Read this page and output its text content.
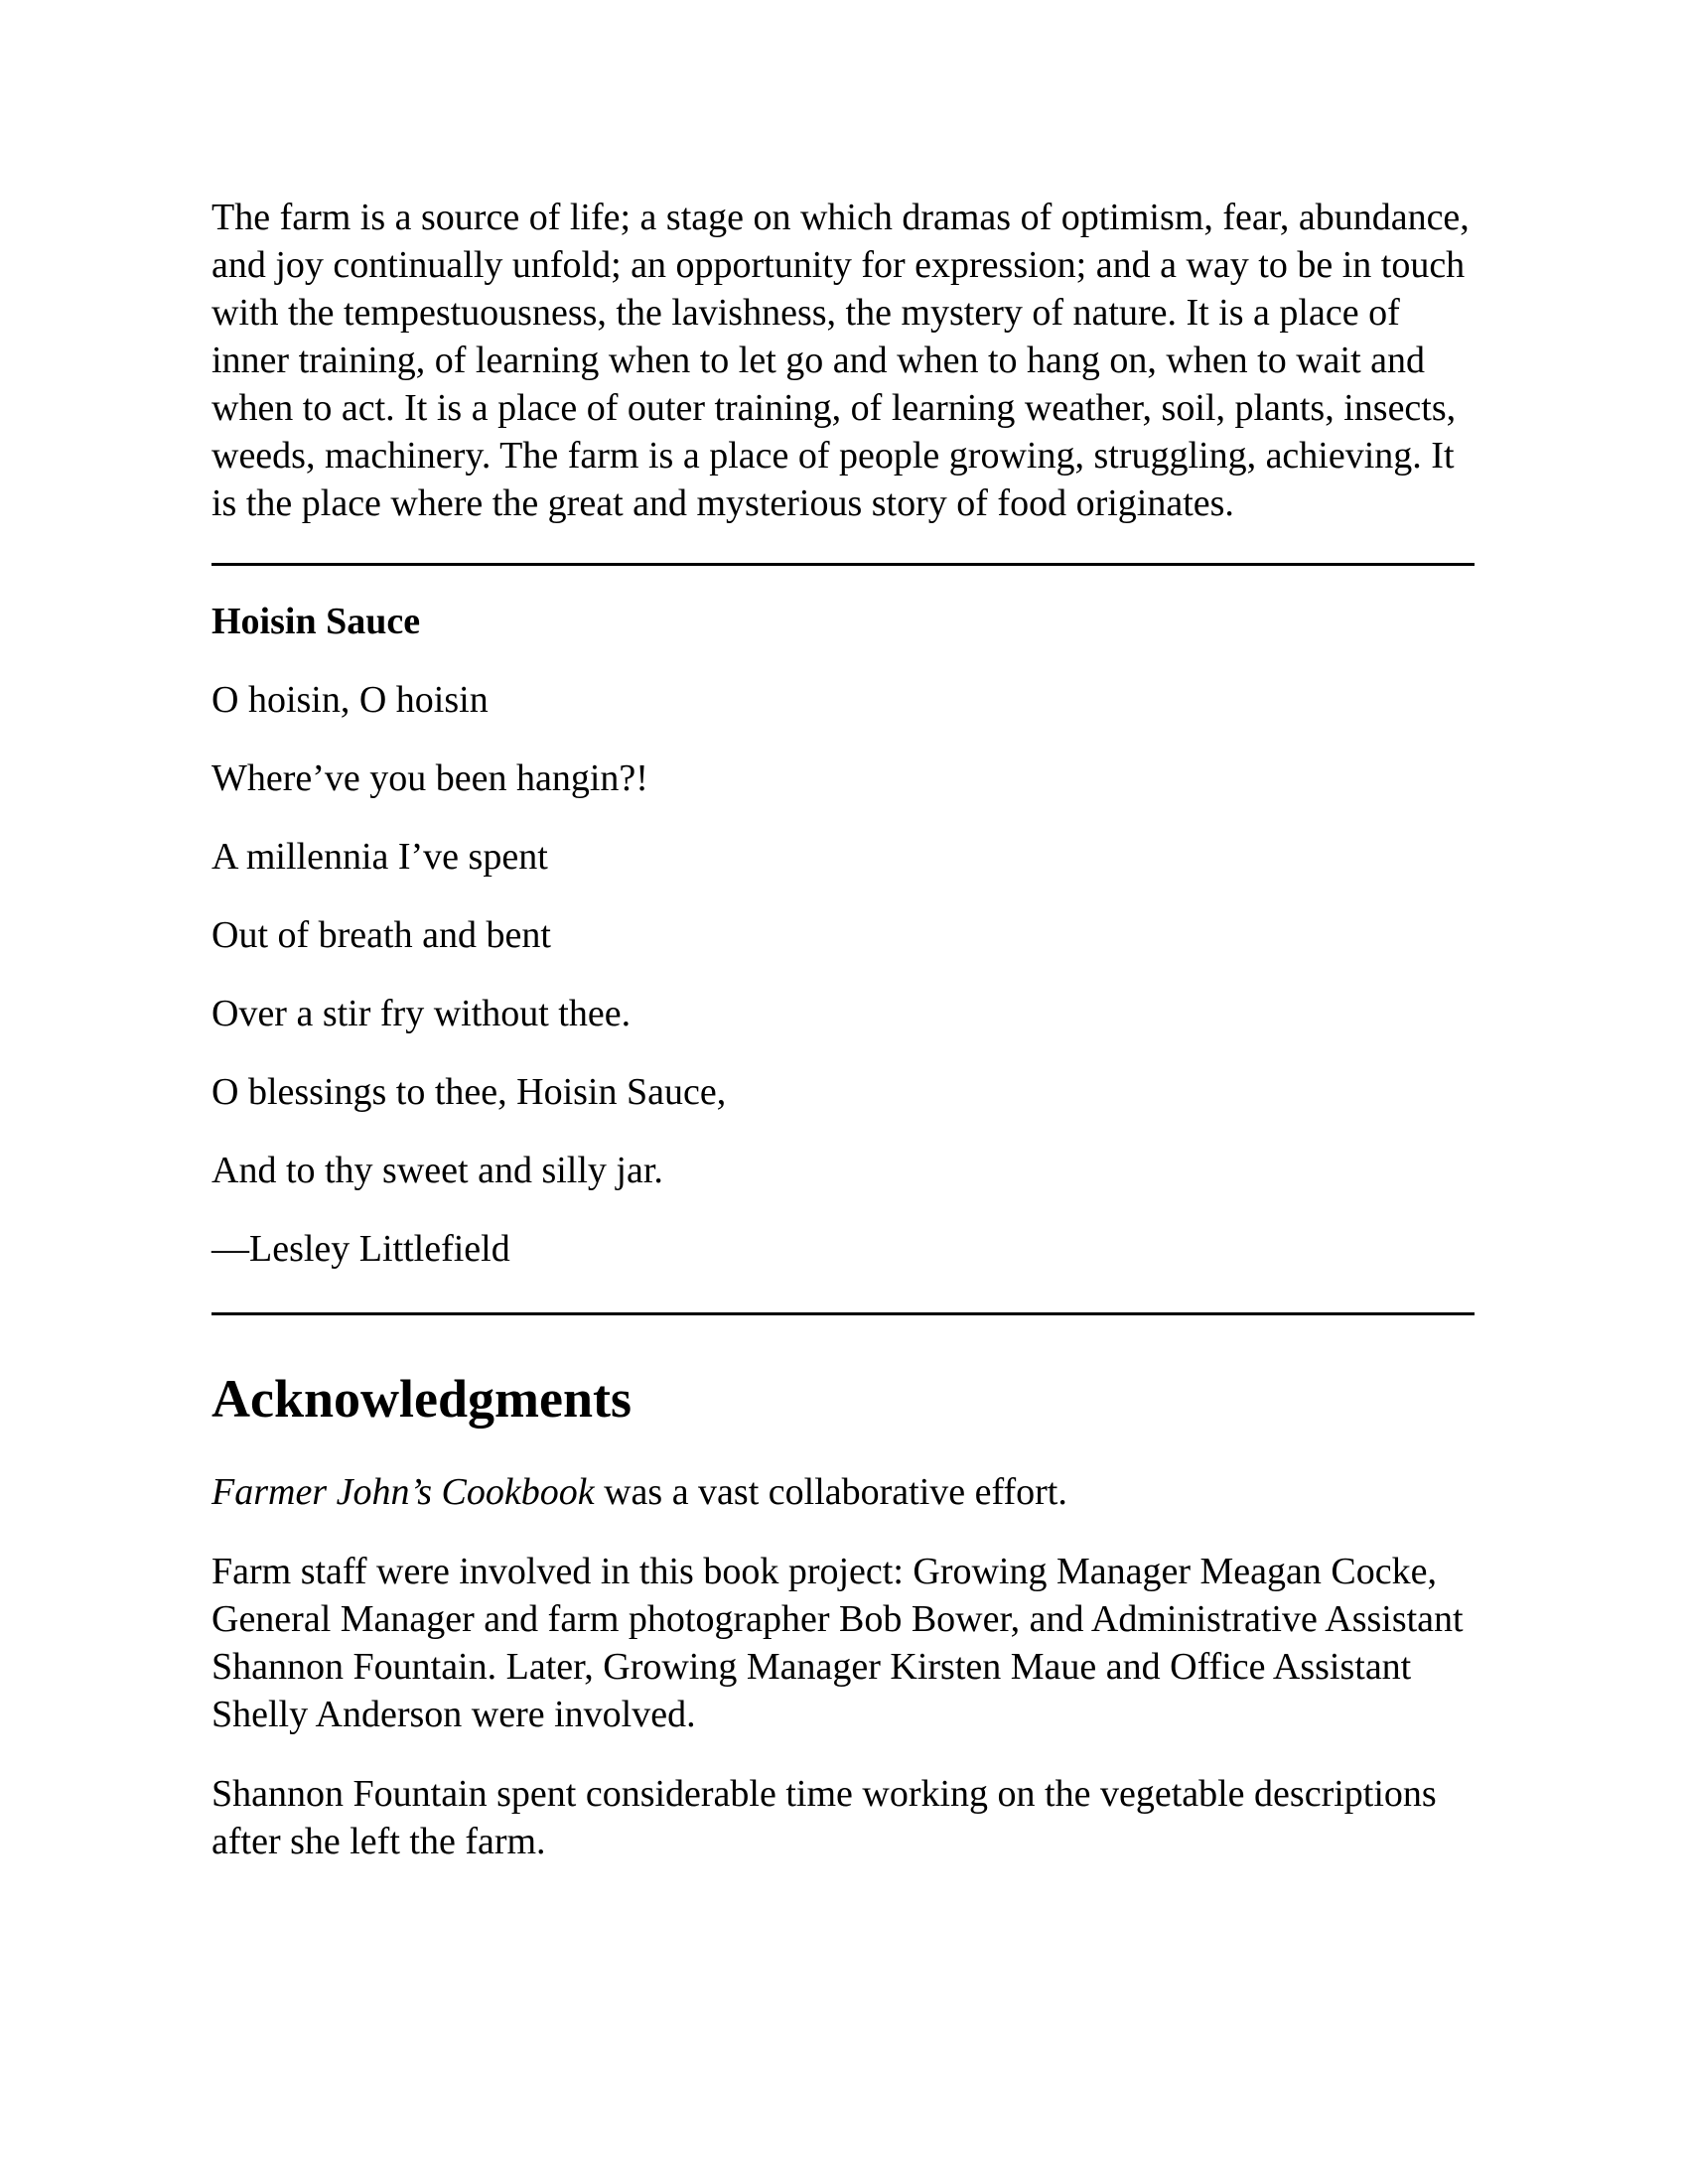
The farm is a source of life; a stage on which dramas of optimism, fear, abundance, and joy continually unfold; an opportunity for expression; and a way to be in touch with the tempestuousness, the lavishness, the mystery of nature. It is a place of inner training, of learning when to let go and when to hang on, when to wait and when to act. It is a place of outer training, of learning weather, soil, plants, insects, weeds, machinery. The farm is a place of people growing, struggling, achieving. It is the place where the great and mysterious story of food originates.

Hoisin Sauce

O hoisin, O hoisin

Where’ve you been hangin?!

A millennia I’ve spent

Out of breath and bent

Over a stir fry without thee.

O blessings to thee, Hoisin Sauce,

And to thy sweet and silly jar.

—Lesley Littlefield

Acknowledgments

Farmer John’s Cookbook was a vast collaborative effort.

Farm staff were involved in this book project: Growing Manager Meagan Cocke, General Manager and farm photographer Bob Bower, and Administrative Assistant Shannon Fountain. Later, Growing Manager Kirsten Maue and Office Assistant Shelly Anderson were involved.

Shannon Fountain spent considerable time working on the vegetable descriptions after she left the farm.
